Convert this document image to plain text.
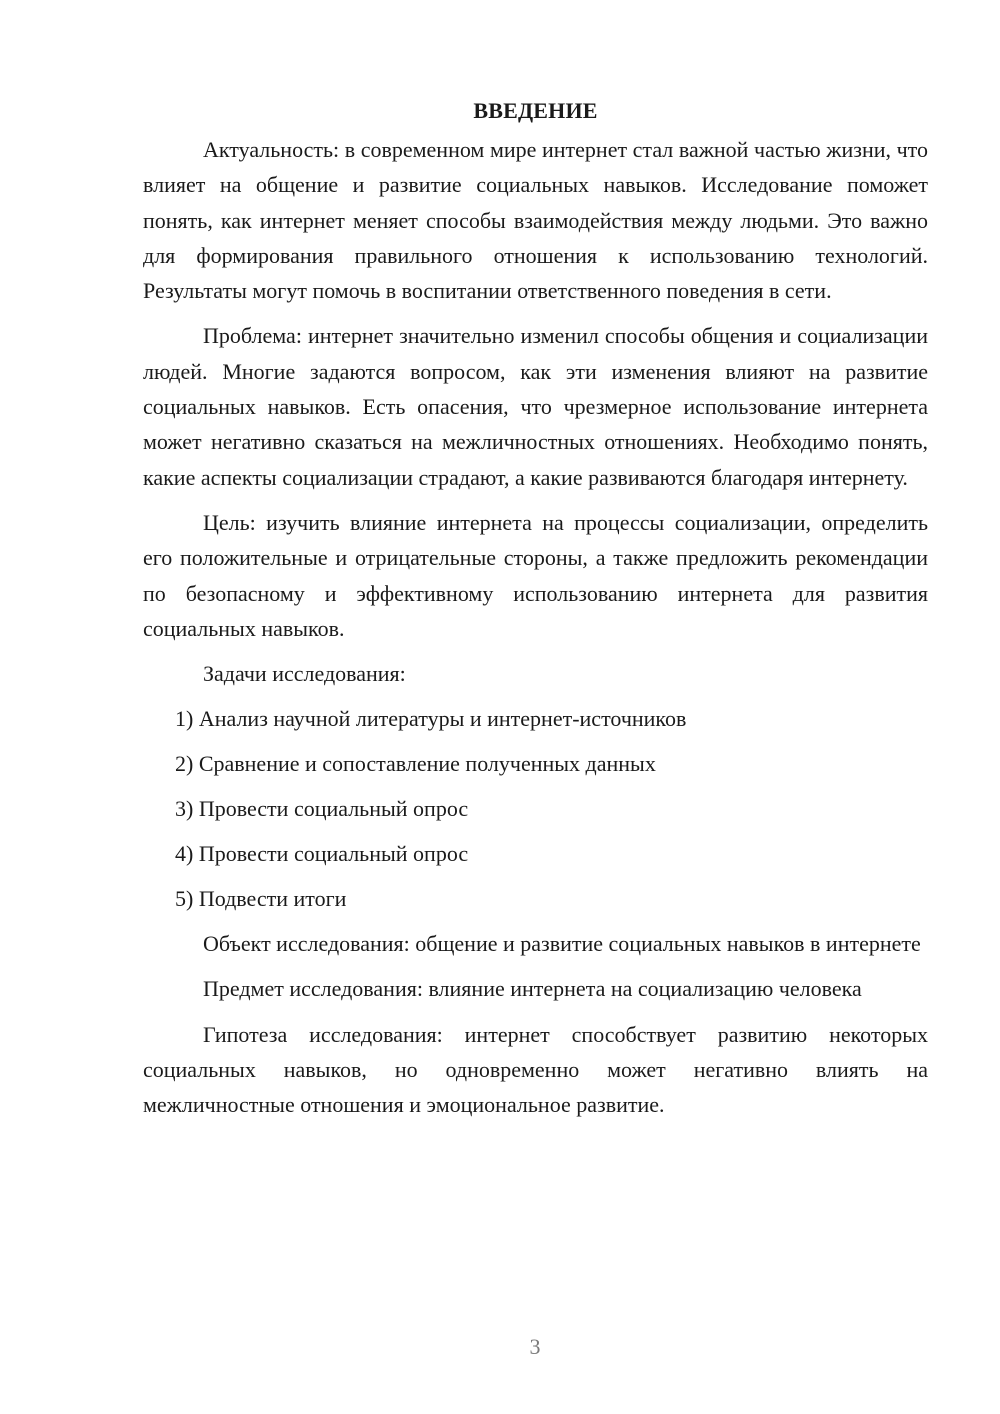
ВВЕДЕНИЕ

Актуальность: в современном мире интернет стал важной частью жизни, что влияет на общение и развитие социальных навыков. Исследование поможет понять, как интернет меняет способы взаимодействия между людьми. Это важно для формирования правильного отношения к использованию технологий. Результаты могут помочь в воспитании ответственного поведения в сети.

Проблема: интернет значительно изменил способы общения и социализации людей. Многие задаются вопросом, как эти изменения влияют на развитие социальных навыков. Есть опасения, что чрезмерное использование интернета может негативно сказаться на межличностных отношениях. Необходимо понять, какие аспекты социализации страдают, а какие развиваются благодаря интернету.

Цель: изучить влияние интернета на процессы социализации, определить его положительные и отрицательные стороны, а также предложить рекомендации по безопасному и эффективному использованию интернета для развития социальных навыков.

Задачи исследования:
1) Анализ научной литературы и интернет-источников
2) Сравнение и сопоставление полученных данных
3) Провести социальный опрос
4) Провести социальный опрос
5) Подвести итоги

Объект исследования: общение и развитие социальных навыков в интернете

Предмет исследования: влияние интернета на социализацию человека

Гипотеза исследования: интернет способствует развитию некоторых социальных навыков, но одновременно может негативно влиять на межличностные отношения и эмоциональное развитие.

3
